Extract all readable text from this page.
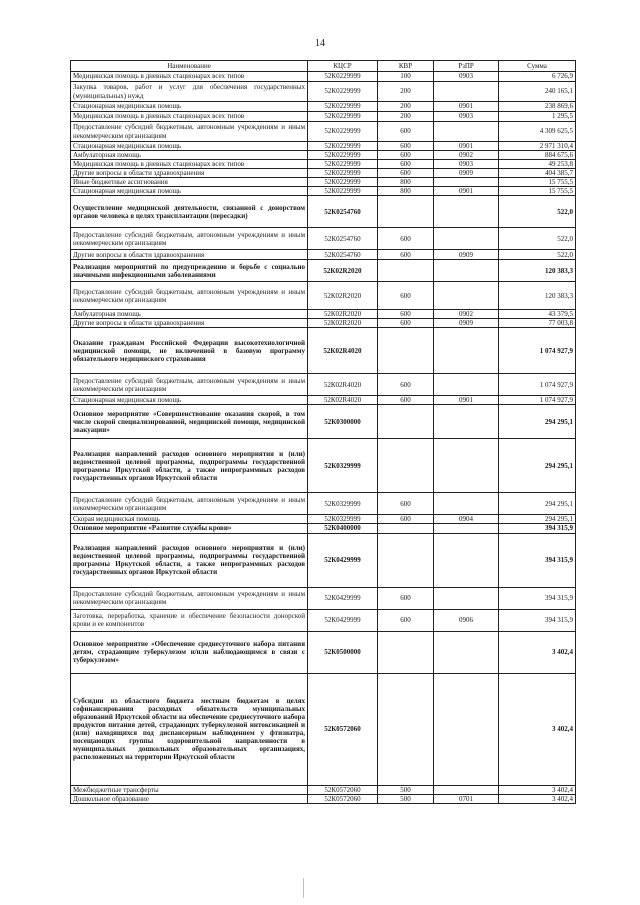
14
Наименование	КЦСР	КВР	РзПР	Сумма
Медицинская помощь в дневных стационарах всех типов	52К0229999	100	0903	6 726,9
Закупка товаров, работ и услуг для обеспечения государственных (муниципальных) нужд	52К0229999	200		240 165,1
Стационарная медицинская помощь	52К0229999	200	0901	238 869,6
Медицинская помощь в дневных стационарах всех типов	52К0229999	200	0903	1 295,5
Предоставление субсидий бюджетным, автономным учреждениям и иным некоммерческим организациям	52К0229999	600		4 309 625,5
Стационарная медицинская помощь	52К0229999	600	0901	2 971 310,4
Амбулаторная помощь	52К0229999	600	0902	884 675,6
Медицинская помощь в дневных стационарах всех типов	52К0229999	600	0903	49 253,8
Другие вопросы в области здравоохранения	52К0229999	600	0909	404 385,7
Иные бюджетные ассигнования	52К0229999	800		15 755,5
Стационарная медицинская помощь	52К0229999	800	0901	15 755,5
Осуществление медицинской деятельности, связанной с донорством органов человека в целях трансплантации (пересадки)	52К0254760			522,0
Предоставление субсидий бюджетным, автономным учреждениям и иным некоммерческим организациям	52К0254760	600		522,0
Другие вопросы в области здравоохранения	52К0254760	600	0909	522,0
Реализация мероприятий по предупреждению и борьбе с социально значимыми инфекционными заболеваниями	52К02R2020			120 383,3
Предоставление субсидий бюджетным, автономным учреждениям и иным некоммерческим организациям	52К02R2020	600		120 383,3
Амбулаторная помощь	52К02R2020	600	0902	43 379,5
Другие вопросы в области здравоохранения	52К02R2020	600	0909	77 003,8
Оказание гражданам Российской Федерации высокотехнологичной медицинской помощи, не включенной в базовую программу обязательного медицинского страхования	52К02R4020			1 074 927,9
Предоставление субсидий бюджетным, автономным учреждениям и иным некоммерческим организациям	52К02R4020	600		1 074 927,9
Стационарная медицинская помощь	52К02R4020	600	0901	1 074 927,9
Основное мероприятие «Совершенствование оказания скорой, в том числе скорой специализированной, медицинской помощи, медицинской эвакуации»	52К0300000			294 295,1
Реализация направлений расходов основного мероприятия и (или) ведомственной целевой программы, подпрограммы государственной программы Иркутской области, а также непрограммных расходов государственных органов Иркутской области	52К0329999			294 295,1
Предоставление субсидий бюджетным, автономным учреждениям и иным некоммерческим организациям	52К0329999	600		294 295,1
Скорая медицинская помощь	52К0329999	600	0904	294 295,1
Основное мероприятие «Развитие службы крови»	52К0400000			394 315,9
Реализация направлений расходов основного мероприятия и (или) ведомственной целевой программы, подпрограммы государственной программы Иркутской области, а также непрограммных расходов государственных органов Иркутской области	52К0429999			394 315,9
Предоставление субсидий бюджетным, автономным учреждениям и иным некоммерческим организациям	52К0429999	600		394 315,9
Заготовка, переработка, хранение и обеспечение безопасности донорской крови и ее компонентов	52К0429999	600	0906	394 315,9
Основное мероприятие «Обеспечение среднесуточного набора питания детям, страдающим туберкулезом и/или наблюдающимся в связи с туберкулезом»	52К0500000			3 402,4
Субсидии из областного бюджета местным бюджетам в целях софинансирования расходных обязательств муниципальных образований Иркутской области на обеспечение среднесуточного набора продуктов питания детей, страдающих туберкулезной интоксикацией и (или) находящихся под диспансерным наблюдением у фтизиатра, посещающих группы оздоровительной направленности в муниципальных дошкольных образовательных организациях, расположенных на территории Иркутской области	52К0572060			3 402,4
Межбюджетные трансферты	52К0572060	500		3 402,4
Дошкольное образование	52К0572060	500	0701	3 402,4
